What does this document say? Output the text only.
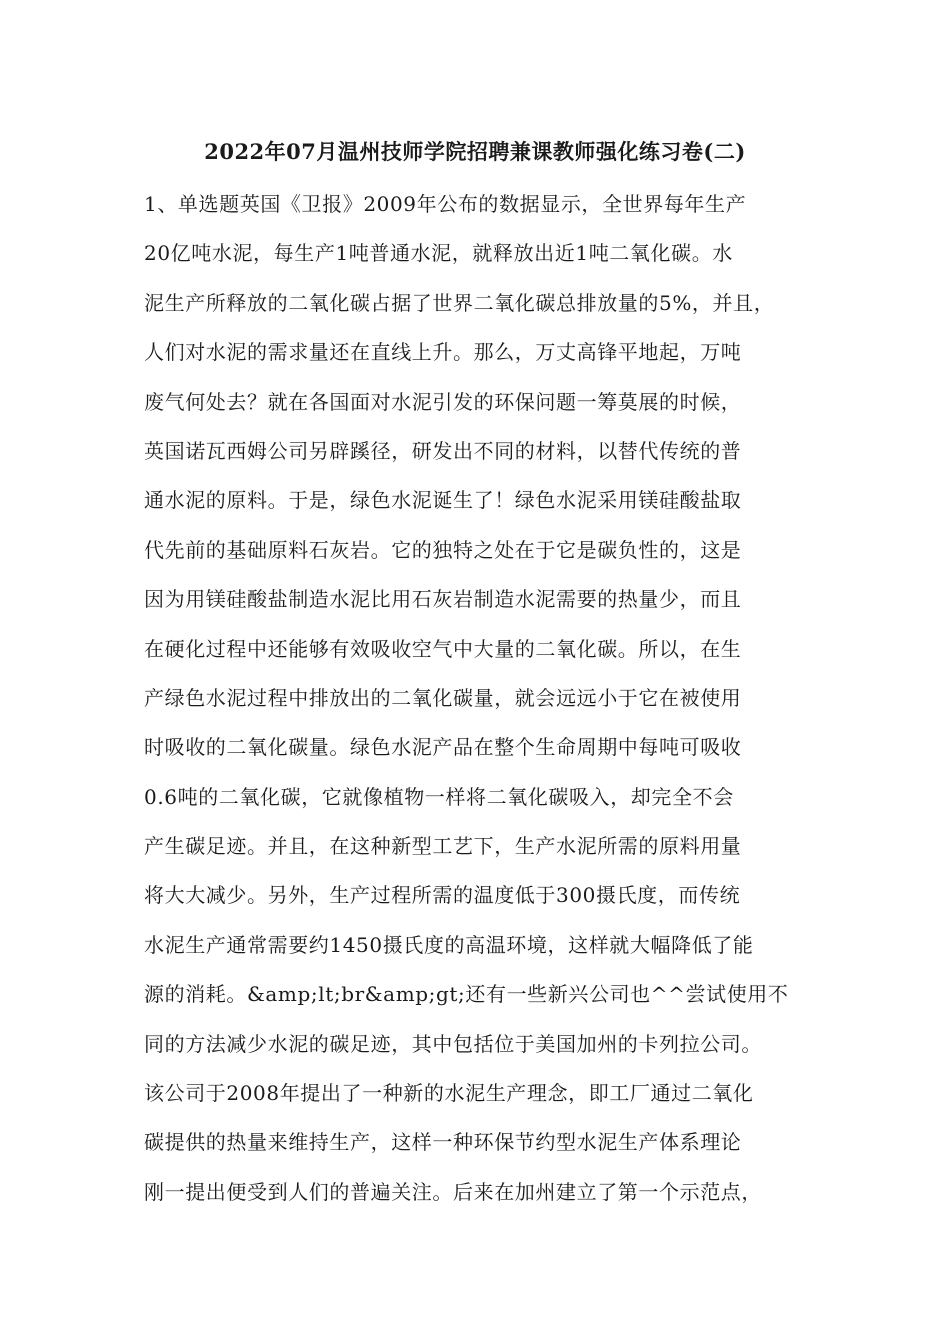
2022年07月温州技师学院招聘兼课教师强化练习卷(二)
1、单选题英国《卫报》2009年公布的数据显示，全世界每年生产
20亿吨水泥，每生产1吨普通水泥，就释放出近1吨二氧化碳。水
泥生产所释放的二氧化碳占据了世界二氧化碳总排放量的5%，并且，
人们对水泥的需求量还在直线上升。那么，万丈高锋平地起，万吨
废气何处去？就在各国面对水泥引发的环保问题一筹莫展的时候，
英国诺瓦西姆公司另辟蹊径，研发出不同的材料，以替代传统的普
通水泥的原料。于是，绿色水泥诞生了！绿色水泥采用镁硅酸盐取
代先前的基础原料石灰岩。它的独特之处在于它是碳负性的，这是
因为用镁硅酸盐制造水泥比用石灰岩制造水泥需要的热量少，而且
在硬化过程中还能够有效吸收空气中大量的二氧化碳。所以，在生
产绿色水泥过程中排放出的二氧化碳量，就会远远小于它在被使用
时吸收的二氧化碳量。绿色水泥产品在整个生命周期中每吨可吸收
0.6吨的二氧化碳，它就像植物一样将二氧化碳吸入，却完全不会
产生碳足迹。并且，在这种新型工艺下，生产水泥所需的原料用量
将大大减少。另外，生产过程所需的温度低于300摄氏度，而传统
水泥生产通常需要约1450摄氏度的高温环境，这样就大幅降低了能
源的消耗。&amp;lt;br&amp;gt;还有一些新兴公司也^^尝试使用不
同的方法减少水泥的碳足迹，其中包括位于美国加州的卡列拉公司。
该公司于2008年提出了一种新的水泥生产理念，即工厂通过二氧化
碳提供的热量来维持生产，这样一种环保节约型水泥生产体系理论
刚一提出便受到人们的普遍关注。后来在加州建立了第一个示范点，
